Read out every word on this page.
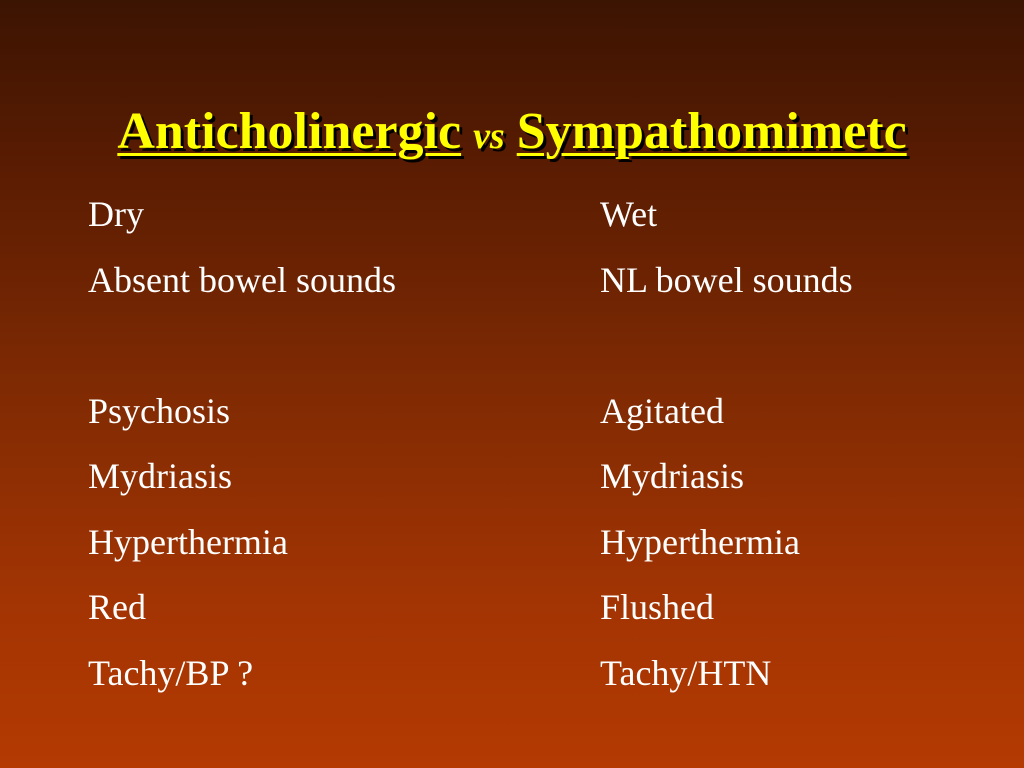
Anticholinergic vs Sympathomimetc
Dry
Absent bowel sounds
Psychosis
Mydriasis
Hyperthermia
Red
Tachy/BP ?
Wet
NL bowel sounds
Agitated
Mydriasis
Hyperthermia
Flushed
Tachy/HTN
